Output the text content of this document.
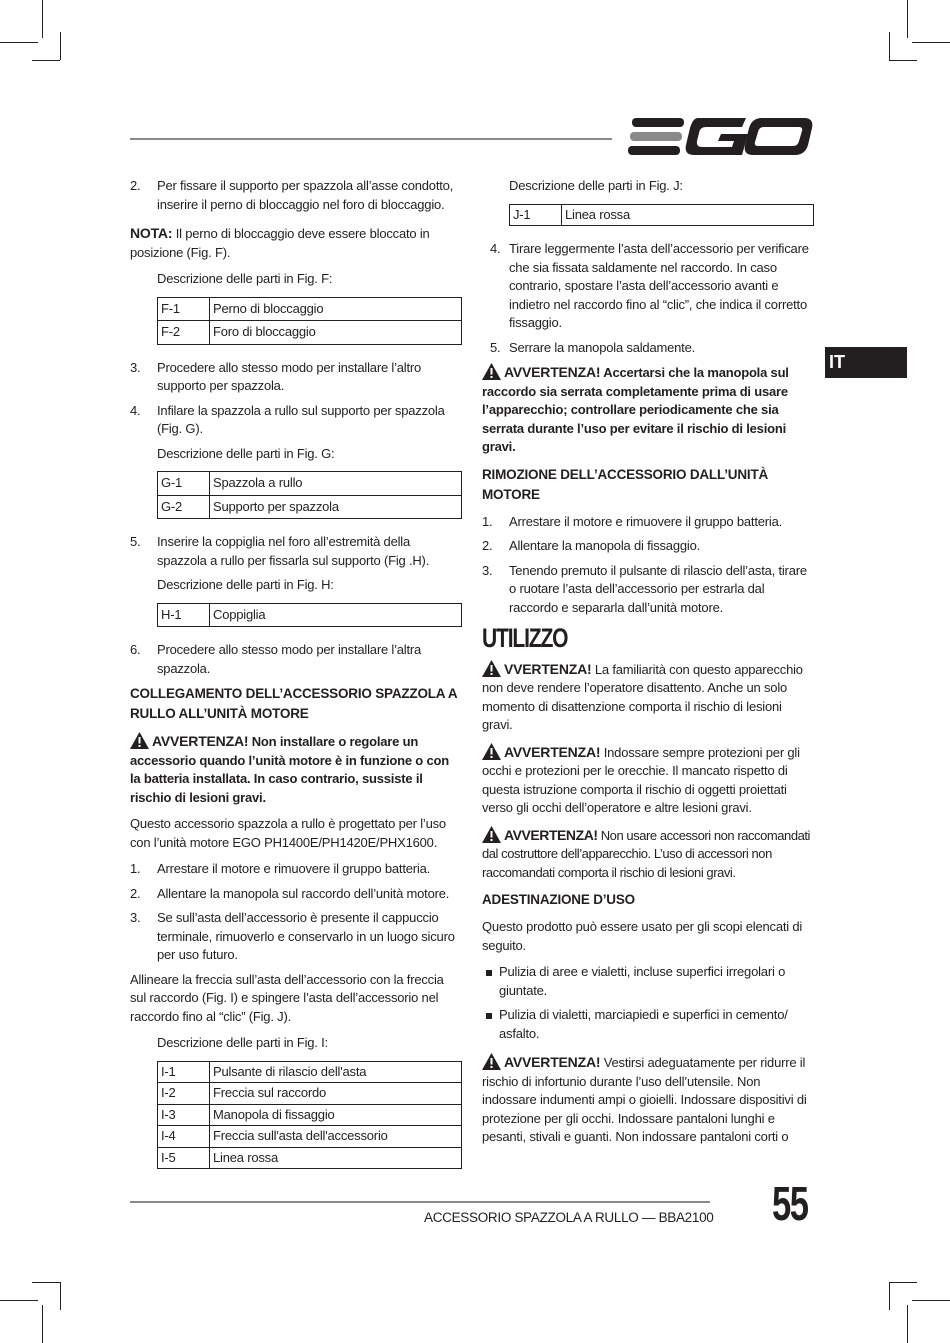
IT
2. Per fissare il supporto per spazzola all’asse condotto, inserire il perno di bloccaggio nel foro di bloccaggio.
NOTA: Il perno di bloccaggio deve essere bloccato in posizione (Fig. F).
Descrizione delle parti in Fig. F:
F-1	Perno di bloccaggio
F-2	Foro di bloccaggio
3. Procedere allo stesso modo per installare l’altro supporto per spazzola.
4. Infilare la spazzola a rullo sul supporto per spazzola (Fig. G).
Descrizione delle parti in Fig. G:
G-1	Spazzola a rullo
G-2	Supporto per spazzola
5. Inserire la coppiglia nel foro all’estremità della spazzola a rullo per fissarla sul supporto (Fig .H).
Descrizione delle parti in Fig. H:
H-1	Coppiglia
6. Procedere allo stesso modo per installare l’altra spazzola.
COLLEGAMENTO DELL’ACCESSORIO SPAZZOLA A RULLO ALL’UNITÀ MOTORE
AVVERTENZA! Non installare o regolare un accessorio quando l’unità motore è in funzione o con la batteria installata. In caso contrario, sussiste il rischio di lesioni gravi.
Questo accessorio spazzola a rullo è progettato per l’uso con l’unità motore EGO PH1400E/PH1420E/PHX1600.
1. Arrestare il motore e rimuovere il gruppo batteria.
2. Allentare la manopola sul raccordo dell’unità motore.
3. Se sull’asta dell’accessorio è presente il cappuccio terminale, rimuoverlo e conservarlo in un luogo sicuro per uso futuro.
Allineare la freccia sull’asta dell’accessorio con la freccia sul raccordo (Fig. I) e spingere l’asta dell’accessorio nel raccordo fino al “clic” (Fig. J).
Descrizione delle parti in Fig. I:
I-1	Pulsante di rilascio dell'asta
I-2	Freccia sul raccordo
I-3	Manopola di fissaggio
I-4	Freccia sull'asta dell'accessorio
I-5	Linea rossa
Descrizione delle parti in Fig. J:
J-1	Linea rossa
4. Tirare leggermente l’asta dell’accessorio per verificare che sia fissata saldamente nel raccordo. In caso contrario, spostare l’asta dell’accessorio avanti e indietro nel raccordo fino al “clic”, che indica il corretto fissaggio.
5. Serrare la manopola saldamente.
AVVERTENZA! Accertarsi che la manopola sul raccordo sia serrata completamente prima di usare l’apparecchio; controllare periodicamente che sia serrata durante l’uso per evitare il rischio di lesioni gravi.
RIMOZIONE DELL’ACCESSORIO DALL’UNITÀ MOTORE
1. Arrestare il motore e rimuovere il gruppo batteria.
2. Allentare la manopola di fissaggio.
3. Tenendo premuto il pulsante di rilascio dell’asta, tirare o ruotare l’asta dell’accessorio per estrarla dal raccordo e separarla dall’unità motore.
UTILIZZO
VVERTENZA! La familiarità con questo apparecchio non deve rendere l’operatore disattento. Anche un solo momento di disattenzione comporta il rischio di lesioni gravi.
AVVERTENZA! Indossare sempre protezioni per gli occhi e protezioni per le orecchie. Il mancato rispetto di questa istruzione comporta il rischio di oggetti proiettati verso gli occhi dell’operatore e altre lesioni gravi.
AVVERTENZA! Non usare accessori non raccomandati dal costruttore dell’apparecchio. L’uso di accessori non raccomandati comporta il rischio di lesioni gravi.
ADESTINAZIONE D’USO
Questo prodotto può essere usato per gli scopi elencati di seguito.
Pulizia di aree e vialetti, incluse superfici irregolari o giuntate.
Pulizia di vialetti, marciapiedi e superfici in cemento/ asfalto.
AVVERTENZA! Vestirsi adeguatamente per ridurre il rischio di infortunio durante l’uso dell’utensile. Non indossare indumenti ampi o gioielli. Indossare dispositivi di protezione per gli occhi. Indossare pantaloni lunghi e pesanti, stivali e guanti. Non indossare pantaloni corti o
ACCESSORIO SPAZZOLA A RULLO — BBA2100 55
